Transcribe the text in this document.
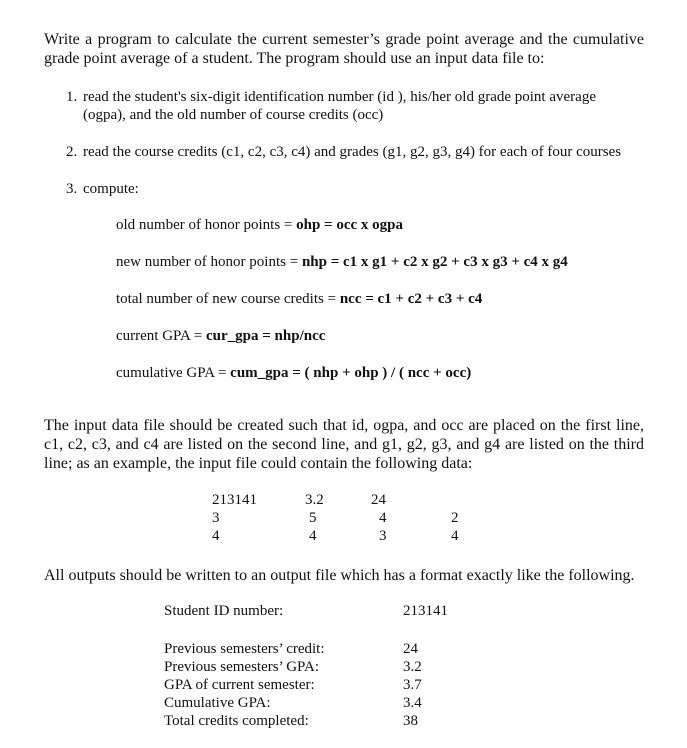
Write a program to calculate the current semester’s grade point average and the cumulative
grade point average of a student. The program should use an input data file to:
1. read the student's six-digit identification number (id ), his/her old grade point average
(ogpa), and the old number of course credits (occ)
2. read the course credits (c1, c2, c3, c4) and grades (g1, g2, g3, g4) for each of four courses
3. compute:
old number of honor points = ohp = occ x ogpa
new number of honor points = nhp = c1 x g1 + c2 x g2 + c3 x g3 + c4 x g4
total number of new course credits = ncc = c1 + c2 + c3 + c4
current GPA = cur_gpa = nhp/ncc
cumulative GPA = cum_gpa = ( nhp + ohp ) / ( ncc + occ)
The input data file should be created such that id, ogpa, and occ are placed on the first line,
c1, c2, c3, and c4 are listed on the second line, and g1, g2, g3, and g4 are listed on the third
line; as an example, the input file could contain the following data:
213141	3.2	24
3	5	4	2
4	4	3	4
All outputs should be written to an output file which has a format exactly like the following.
Student ID number:	213141
Previous semesters’ credit:	24
Previous semesters’ GPA:	3.2
GPA of current semester:	3.7
Cumulative GPA:	3.4
Total credits completed:	38
